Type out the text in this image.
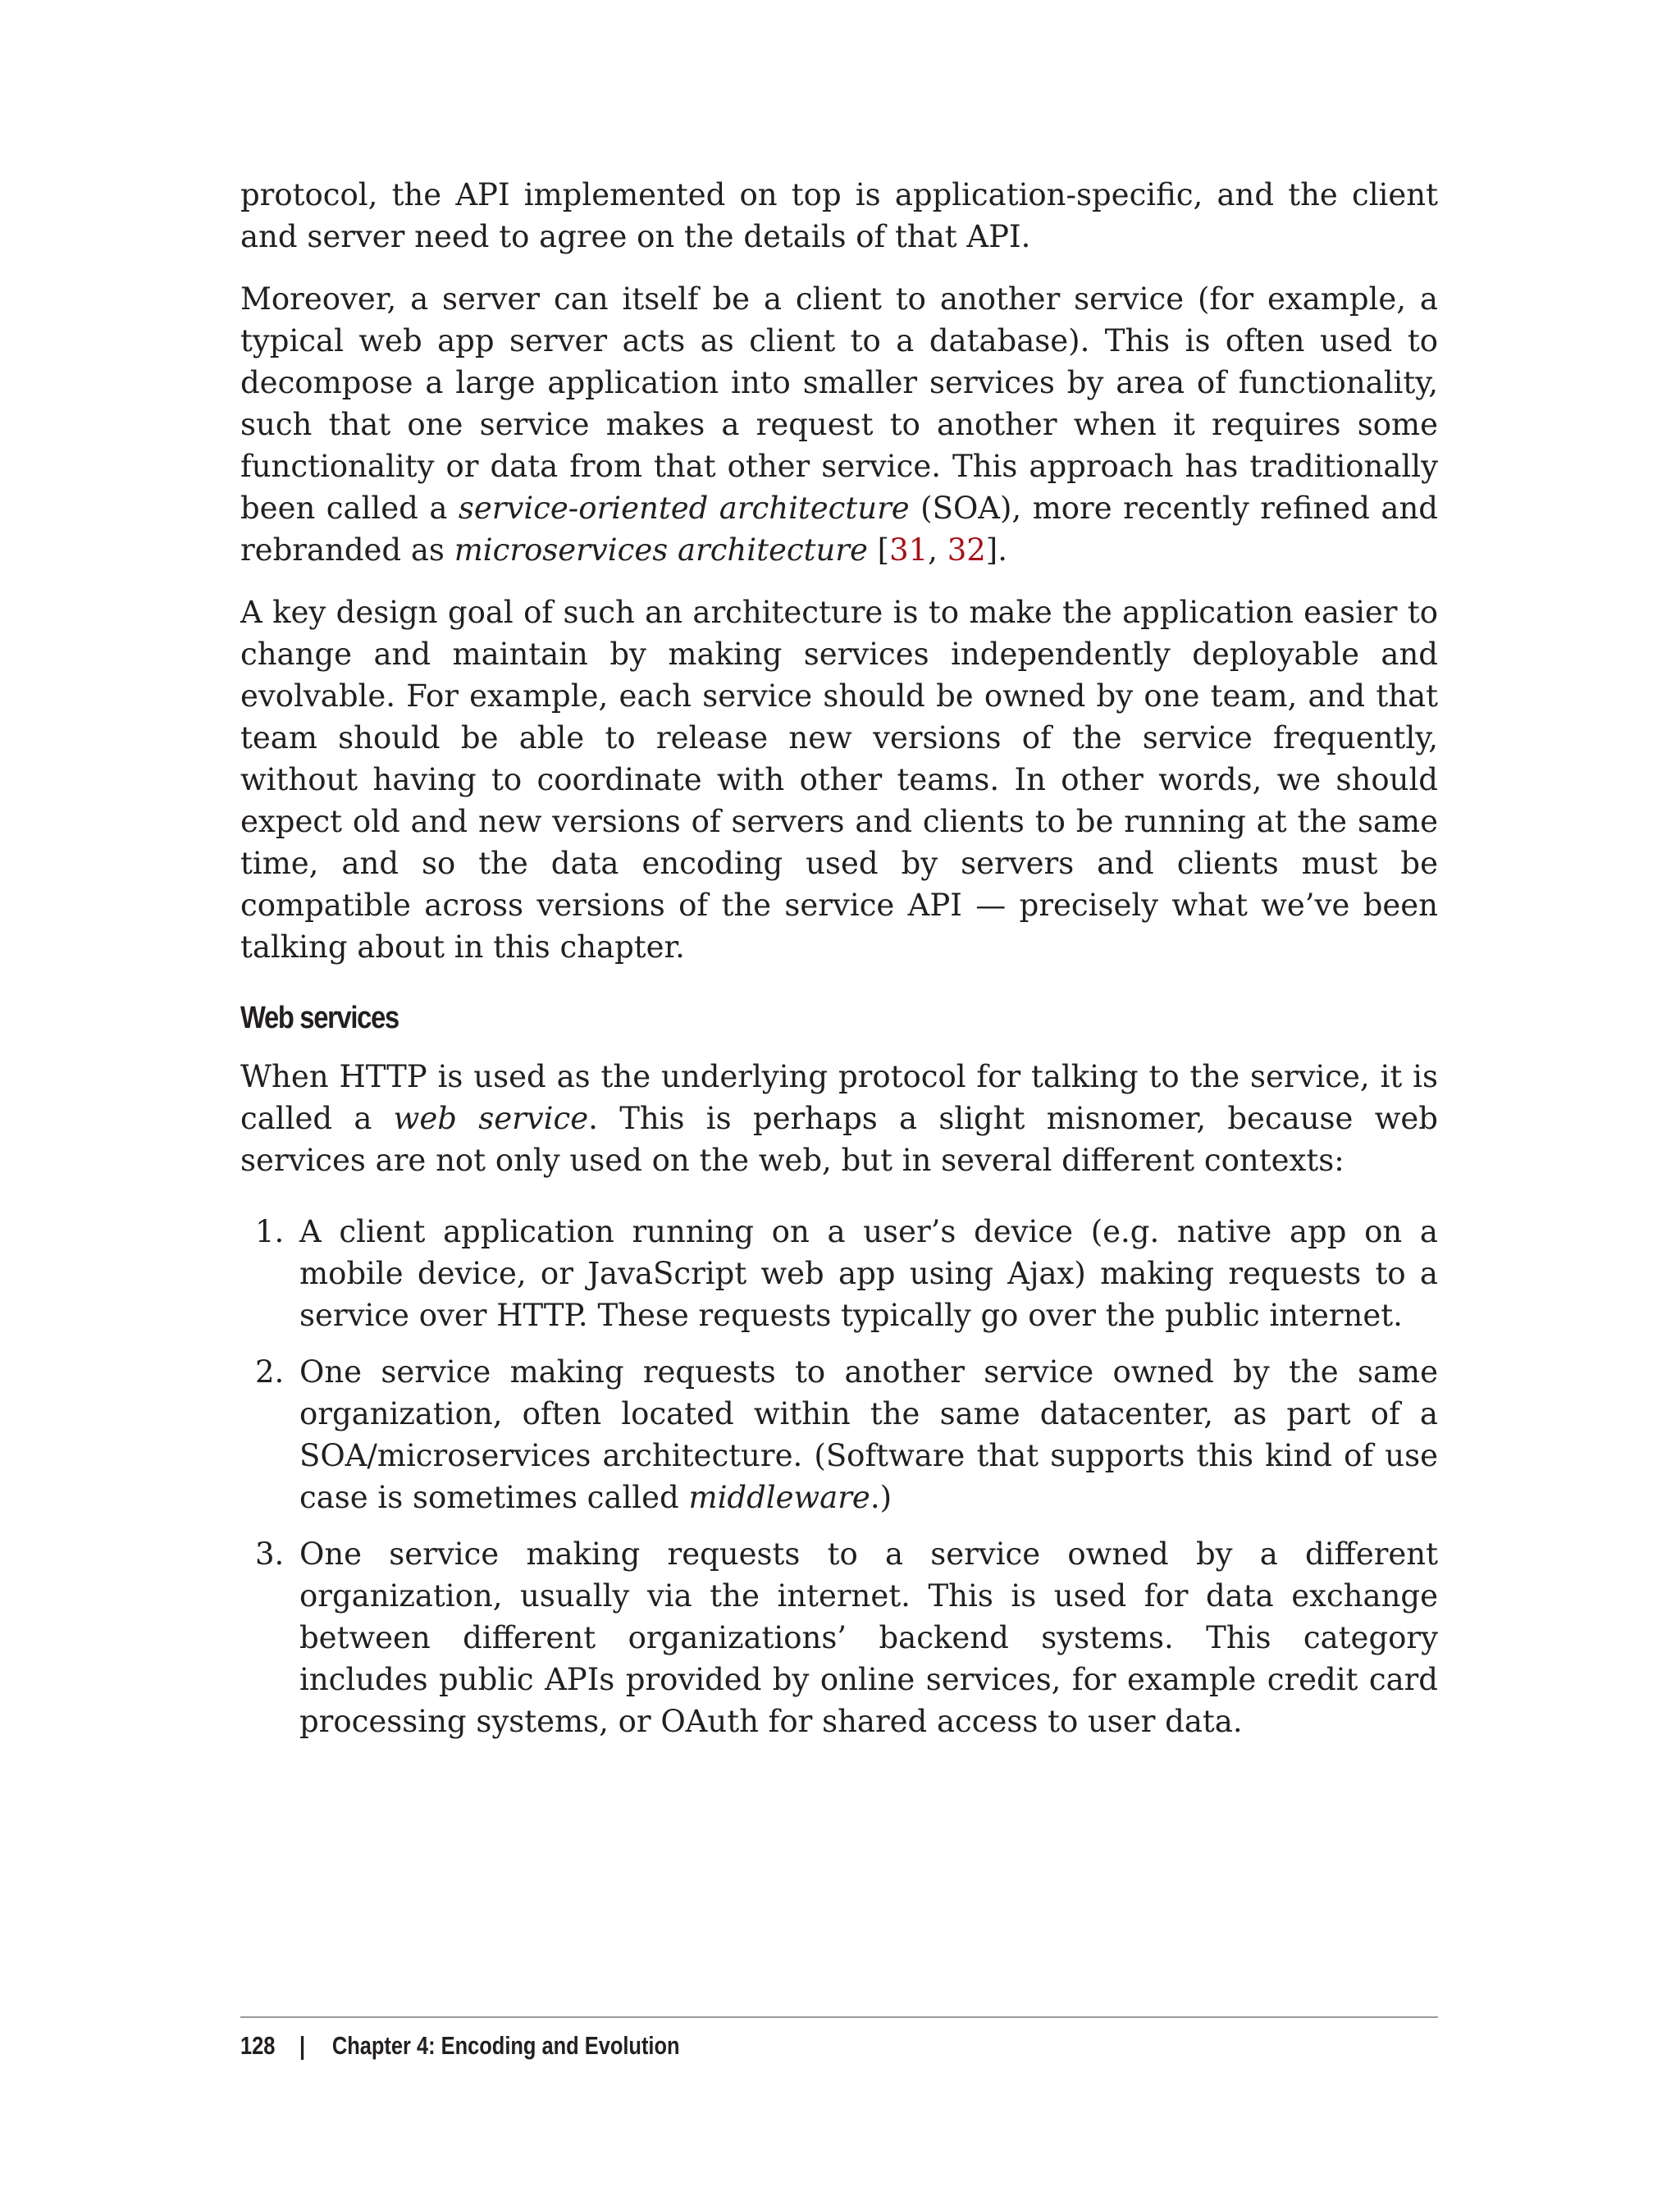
protocol, the API implemented on top is application-specific, and the client and server need to agree on the details of that API.

Moreover, a server can itself be a client to another service (for example, a typical web app server acts as client to a database). This is often used to decompose a large application into smaller services by area of functionality, such that one service makes a request to another when it requires some functionality or data from that other service. This approach has traditionally been called a service-oriented architecture (SOA), more recently refined and rebranded as microservices architecture [31, 32].

A key design goal of such an architecture is to make the application easier to change and maintain by making services independently deployable and evolvable. For example, each service should be owned by one team, and that team should be able to release new versions of the service frequently, without having to coordinate with other teams. In other words, we should expect old and new versions of servers and clients to be running at the same time, and so the data encoding used by servers and clients must be compatible across versions of the service API — precisely what we’ve been talking about in this chapter.

Web services

When HTTP is used as the underlying protocol for talking to the service, it is called a web service. This is perhaps a slight misnomer, because web services are not only used on the web, but in several different contexts:

1. A client application running on a user’s device (e.g. native app on a mobile device, or JavaScript web app using Ajax) making requests to a service over HTTP. These requests typically go over the public internet.
2. One service making requests to another service owned by the same organization, often located within the same datacenter, as part of a SOA/microservices architecture. (Software that supports this kind of use case is sometimes called middleware.)
3. One service making requests to a service owned by a different organization, usually via the internet. This is used for data exchange between different organizations’ backend systems. This category includes public APIs provided by online services, for example credit card processing systems, or OAuth for shared access to user data.
128 | Chapter 4: Encoding and Evolution
